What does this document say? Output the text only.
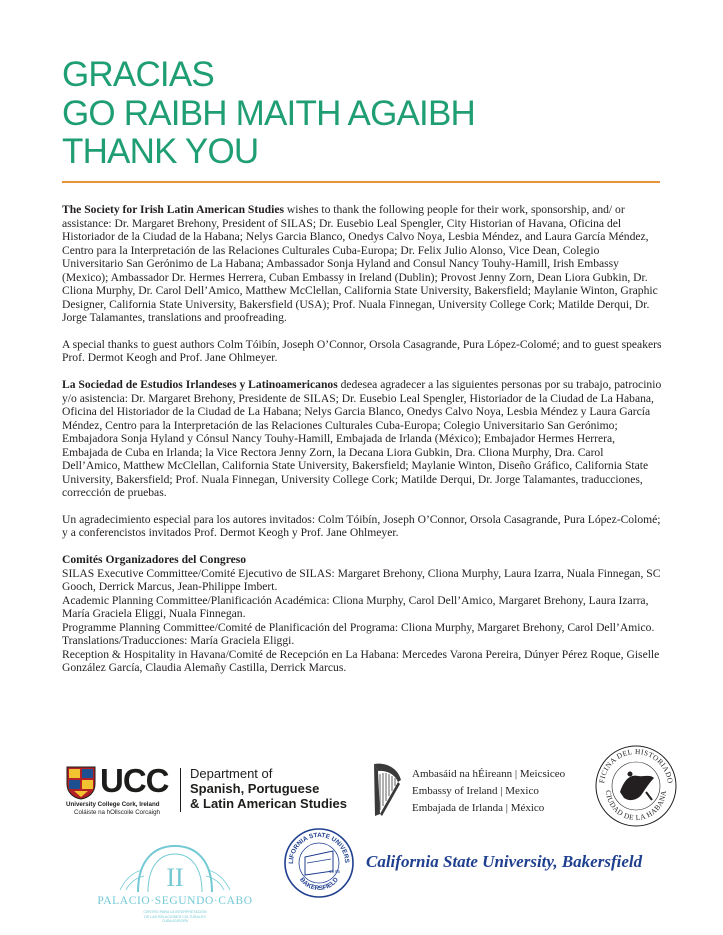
GRACIAS
GO RAIBH MAITH AGAIBH
THANK YOU

The Society for Irish Latin American Studies wishes to thank the following people for their work, sponsorship, and/ or assistance: Dr. Margaret Brehony, President of SILAS; Dr. Eusebio Leal Spengler, City Historian of Havana, Oficina del Historiador de la Ciudad de la Habana; Nelys Garcia Blanco, Onedys Calvo Noya, Lesbia Méndez, and Laura García Méndez, Centro para la Interpretación de las Relaciones Culturales Cuba-Europa; Dr. Felix Julio Alonso, Vice Dean, Colegio Universitario San Gerónimo de La Habana; Ambassador Sonja Hyland and Consul Nancy Touhy-Hamill, Irish Embassy (Mexico); Ambassador Dr. Hermes Herrera, Cuban Embassy in Ireland (Dublin); Provost Jenny Zorn, Dean Liora Gubkin, Dr. Cliona Murphy, Dr. Carol Dell’Amico, Matthew McClellan, California State University, Bakersfield; Maylanie Winton, Graphic Designer, California State University, Bakersfield (USA); Prof. Nuala Finnegan, University College Cork; Matilde Derqui, Dr. Jorge Talamantes, translations and proofreading.

A special thanks to guest authors Colm Tóibín, Joseph O’Connor, Orsola Casagrande, Pura López-Colomé; and to guest speakers Prof. Dermot Keogh and Prof. Jane Ohlmeyer.

La Sociedad de Estudios Irlandeses y Latinoamericanos dedesea agradecer a las siguientes personas por su trabajo, patrocinio y/o asistencia: Dr. Margaret Brehony, Presidente de SILAS; Dr. Eusebio Leal Spengler, Historiador de la Ciudad de La Habana, Oficina del Historiador de la Ciudad de La Habana; Nelys Garcia Blanco, Onedys Calvo Noya, Lesbia Méndez y Laura García Méndez, Centro para la Interpretación de las Relaciones Culturales Cuba-Europa; Colegio Universitario San Gerónimo; Embajadora Sonja Hyland y Cónsul Nancy Touhy-Hamill, Embajada de Irlanda (México); Embajador Hermes Herrera, Embajada de Cuba en Irlanda; la Vice Rectora Jenny Zorn, la Decana Liora Gubkin, Dra. Cliona Murphy, Dra. Carol Dell’Amico, Matthew McClellan, California State University, Bakersfield; Maylanie Winton, Diseño Gráfico, California State University, Bakersfield; Prof. Nuala Finnegan, University College Cork; Matilde Derqui, Dr. Jorge Talamantes, traducciones, corrección de pruebas.

Un agradecimiento especial para los autores invitados: Colm Tóibín, Joseph O’Connor, Orsola Casagrande, Pura López-Colomé; y a conferencistos invitados Prof. Dermot Keogh y Prof. Jane Ohlmeyer.

Comités Organizadores del Congreso
SILAS Executive Committee/Comité Ejecutivo de SILAS: Margaret Brehony, Cliona Murphy, Laura Izarra, Nuala Finnegan, SC Gooch, Derrick Marcus, Jean-Philippe Imbert.
Academic Planning Committee/Planificación Académica: Cliona Murphy, Carol Dell’Amico, Margaret Brehony, Laura Izarra, María Graciela Eliggi, Nuala Finnegan.
Programme Planning Committee/Comité de Planificación del Programa: Cliona Murphy, Margaret Brehony, Carol Dell’Amico.
Translations/Traducciones: María Graciela Eliggi.
Reception & Hospitality in Havana/Comité de Recepción en La Habana: Mercedes Varona Pereira, Dúnyer Pérez Roque, Giselle González García, Claudia Alemañy Castilla, Derrick Marcus.
UCC
University College Cork, Ireland
Coláiste na hOllscoile Corcaigh
Department of
Spanish, Portuguese
& Latin American Studies
Ambasáid na hÉireann | Meicsiceo
Embassy of Ireland | Mexico
Embajada de Irlanda | México
FICINA DEL HISTORIADO
CIUDAD DE LA HABANA
II
PALACIO·SEGUNDO·CABO
CENTRO PARA LA INTERPRETACIÓN
DE LAS RELACIONES CULTURALES
CUBA-EUROPA
LIFORNIA STATE UNIVERS
BAKERSFIELD
19 65
California State University, Bakersfield
